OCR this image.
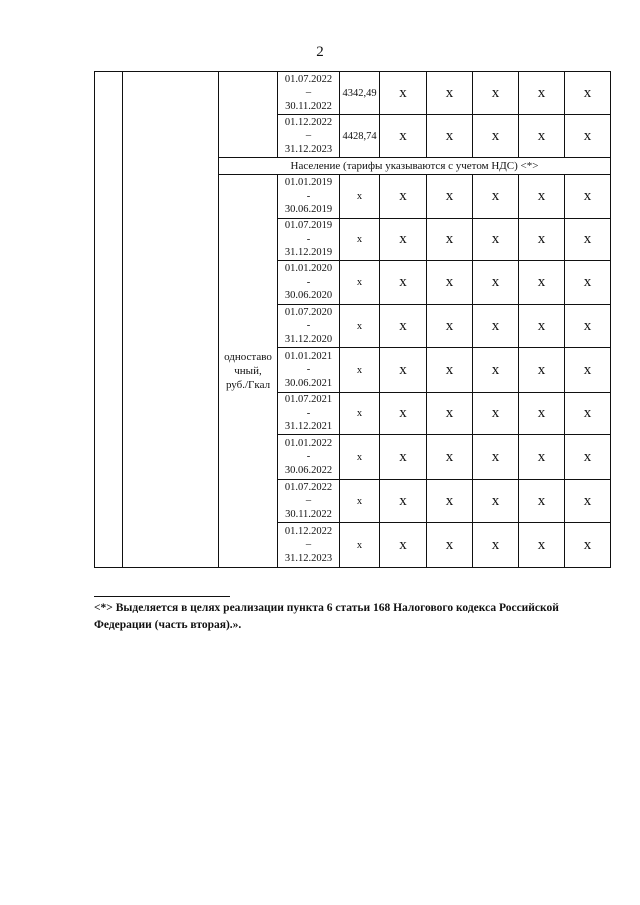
2

			01.07.2022
–
30.11.2022	4342,49	x	x	x	x	x

			01.12.2022
–
31.12.2023	4428,74	x	x	x	x	x
		Население (тарифы указываются с учетом НДС) <*>							

		одноставо
чный,
руб./Гкал	01.01.2019
-
30.06.2019	x	x	x	x	x	x

			01.07.2019
-
31.12.2019	x	x	x	x	x	x

			01.01.2020
-
30.06.2020	x	x	x	x	x	x

			01.07.2020
-
31.12.2020	x	x	x	x	x	x

			01.01.2021
-
30.06.2021	x	x	x	x	x	x

			01.07.2021
-
31.12.2021	x	x	x	x	x	x

			01.01.2022
-
30.06.2022	x	x	x	x	x	x

			01.07.2022
–
30.11.2022	x	x	x	x	x	x

			01.12.2022
–
31.12.2023	x	x	x	x	x	x
<*> Выделяется в целях реализации пункта 6 статьи 168 Налогового кодекса Российской Федерации (часть вторая).».
